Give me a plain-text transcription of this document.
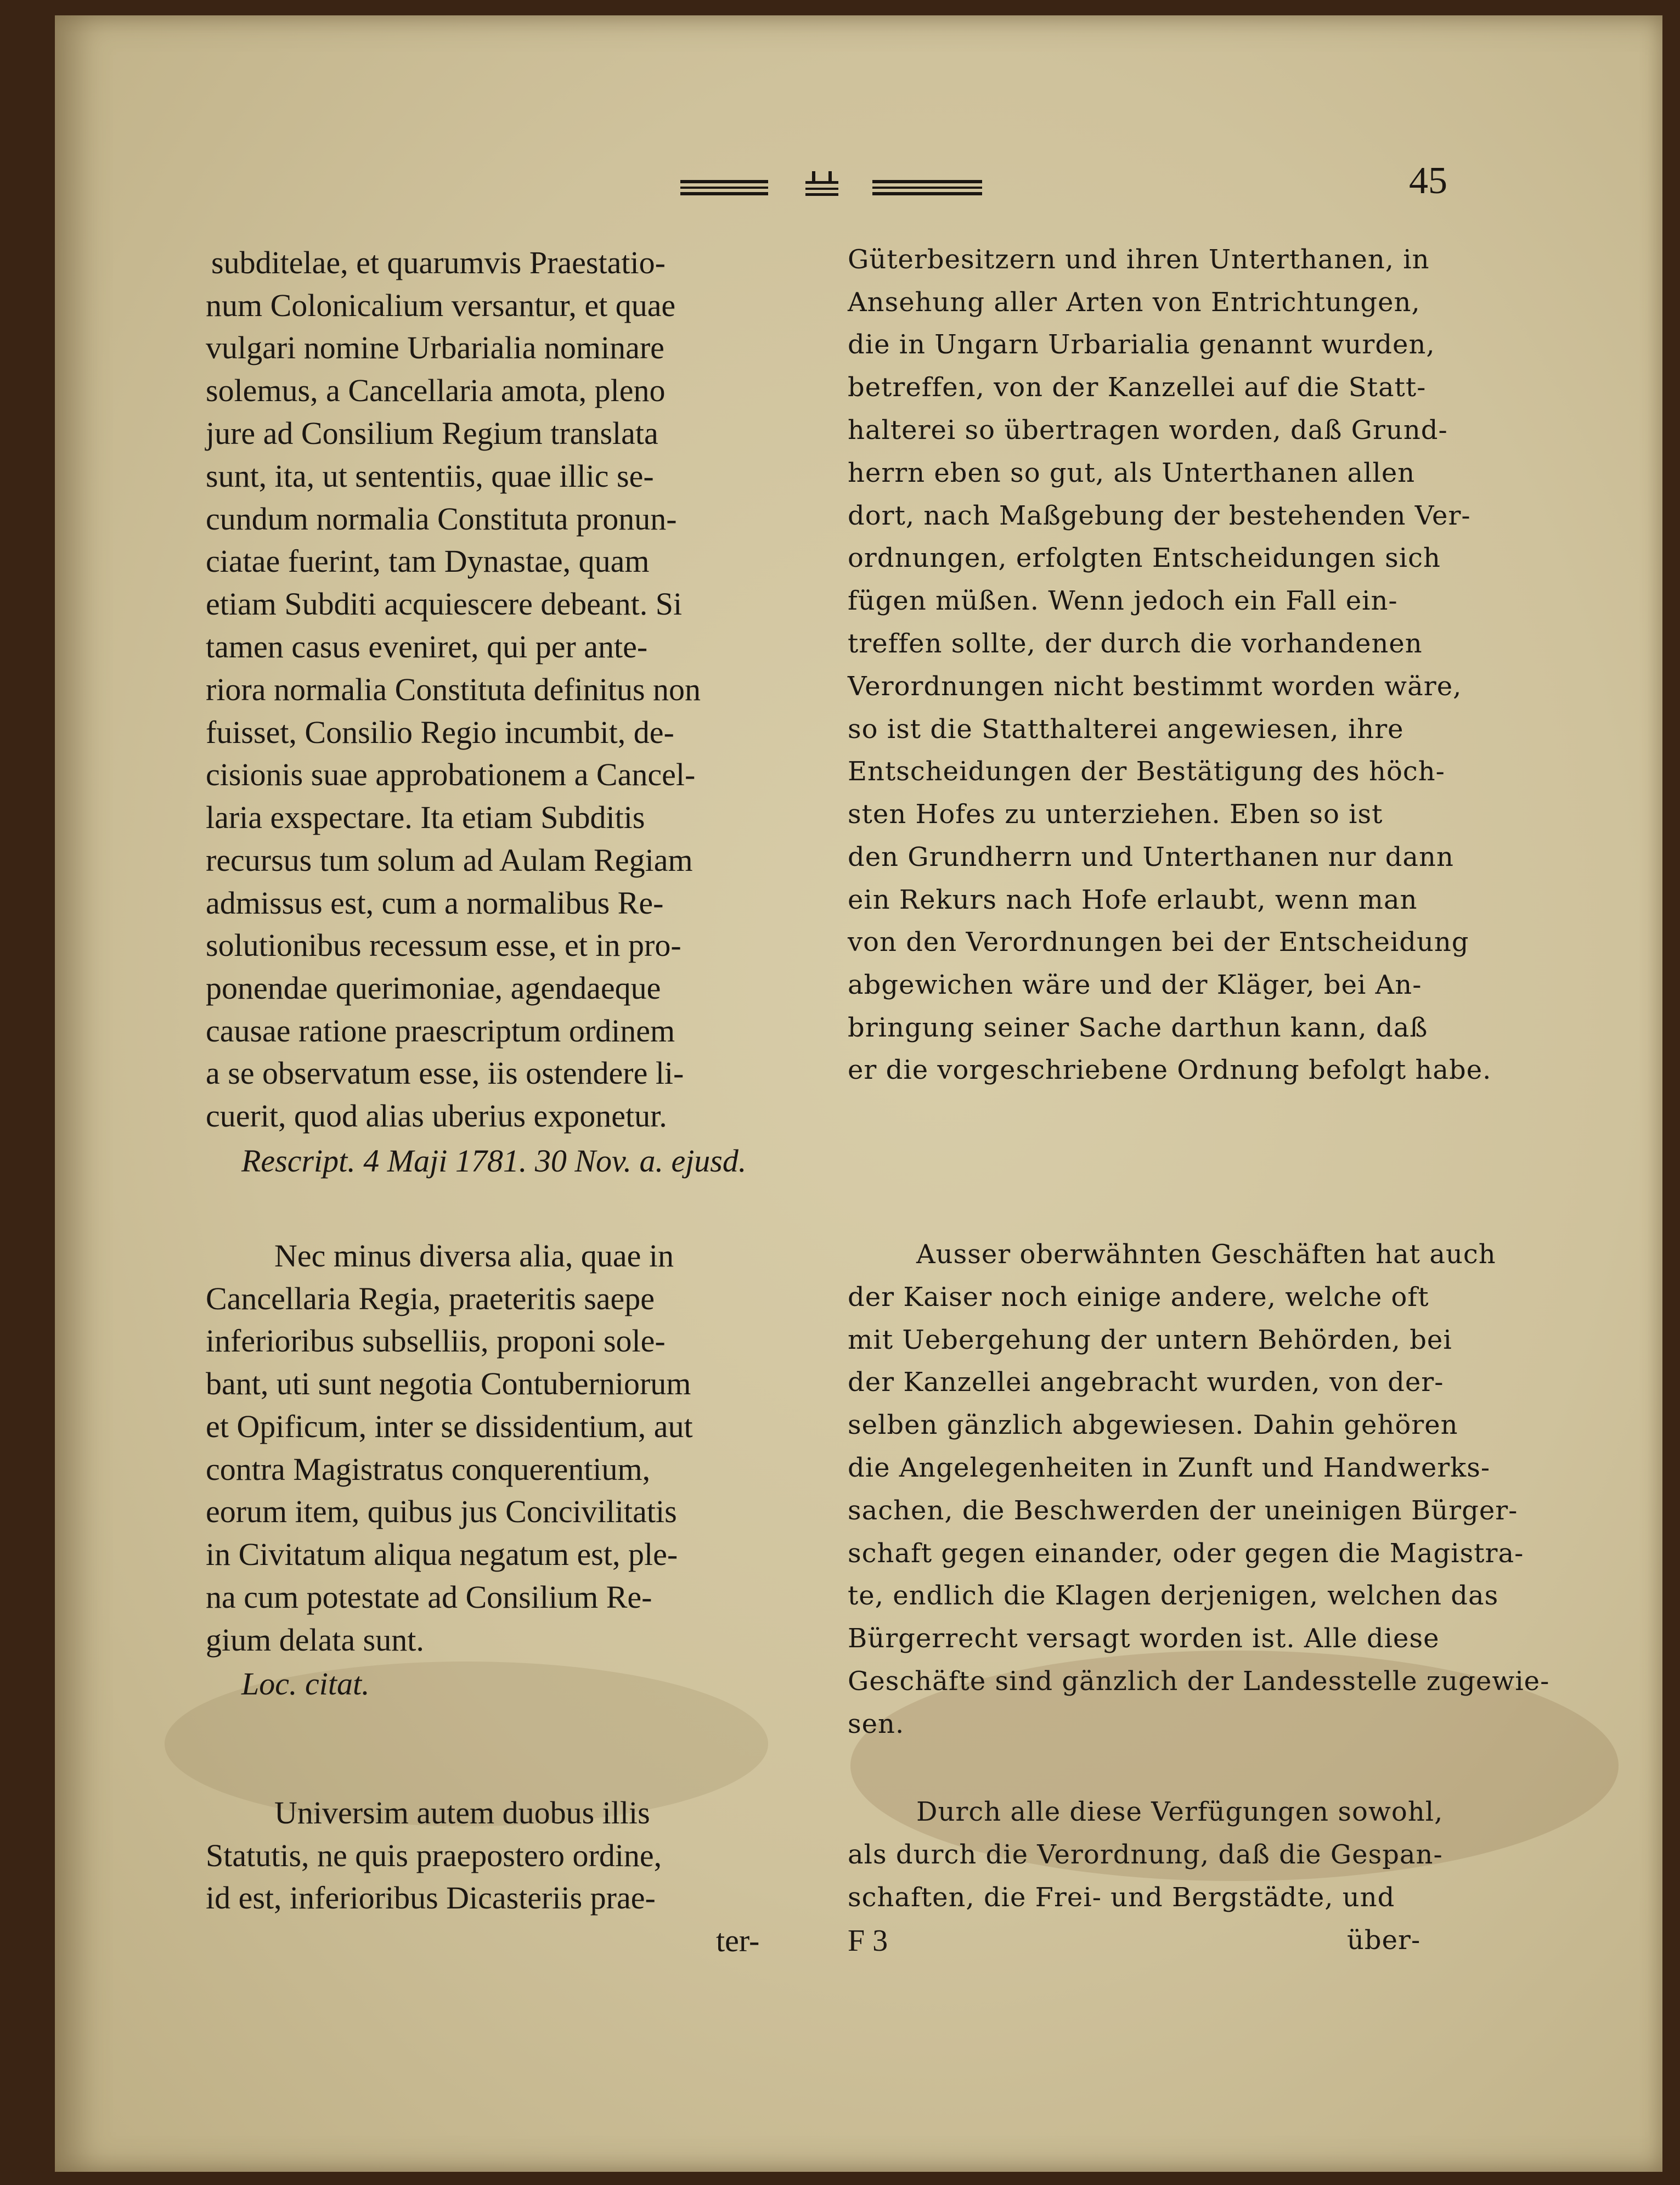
45
subditelae, et quarumvis Praestatio-
num Colonicalium versantur, et quae
vulgari nomine Urbarialia nominare
solemus, a Cancellaria amota, pleno
jure ad Consilium Regium translata
sunt, ita, ut sententiis, quae illic se-
cundum normalia Constituta pronun-
ciatae fuerint, tam Dynastae, quam
etiam Subditi acquiescere debeant. Si
tamen casus eveniret, qui per ante-
riora normalia Constituta definitus non
fuisset, Consilio Regio incumbit, de-
cisionis suae approbationem a Cancel-
laria exspectare. Ita etiam Subditis
recursus tum solum ad Aulam Regiam
admissus est, cum a normalibus Re-
solutionibus recessum esse, et in pro-
ponendae querimoniae, agendaeque
causae ratione praescriptum ordinem
a se observatum esse, iis ostendere li-
cuerit, quod alias uberius exponetur.
Rescript. 4 Maji 1781. 30 Nov. a. ejusd.
Güterbesitzern und ihren Unterthanen, in
Ansehung aller Arten von Entrichtungen,
die in Ungarn Urbarialia genannt wurden,
betreffen, von der Kanzellei auf die Statt-
halterei so übertragen worden, daß Grund-
herrn eben so gut, als Unterthanen allen
dort, nach Maßgebung der bestehenden Ver-
ordnungen, erfolgten Entscheidungen sich
fügen müßen. Wenn jedoch ein Fall ein-
treffen sollte, der durch die vorhandenen
Verordnungen nicht bestimmt worden wäre,
so ist die Statthalterei angewiesen, ihre
Entscheidungen der Bestätigung des höch-
sten Hofes zu unterziehen. Eben so ist
den Grundherrn und Unterthanen nur dann
ein Rekurs nach Hofe erlaubt, wenn man
von den Verordnungen bei der Entscheidung
abgewichen wäre und der Kläger, bei An-
bringung seiner Sache darthun kann, daß
er die vorgeschriebene Ordnung befolgt habe.
Nec minus diversa alia, quae in
Cancellaria Regia, praeteritis saepe
inferioribus subselliis, proponi sole-
bant, uti sunt negotia Contuberniorum
et Opificum, inter se dissidentium, aut
contra Magistratus conquerentium,
eorum item, quibus jus Concivilitatis
in Civitatum aliqua negatum est, ple-
na cum potestate ad Consilium Re-
gium delata sunt.
Loc. citat.
Ausser oberwähnten Geschäften hat auch
der Kaiser noch einige andere, welche oft
mit Uebergehung der untern Behörden, bei
der Kanzellei angebracht wurden, von der-
selben gänzlich abgewiesen. Dahin gehören
die Angelegenheiten in Zunft und Handwerks-
sachen, die Beschwerden der uneinigen Bürger-
schaft gegen einander, oder gegen die Magistra-
te, endlich die Klagen derjenigen, welchen das
Bürgerrecht versagt worden ist. Alle diese
Geschäfte sind gänzlich der Landesstelle zugewie-
sen.
Universim autem duobus illis
Statutis, ne quis praepostero ordine,
id est, inferioribus Dicasteriis prae-
ter-
Durch alle diese Verfügungen sowohl,
als durch die Verordnung, daß die Gespan-
schaften, die Frei- und Bergstädte, und
F 3	über-
